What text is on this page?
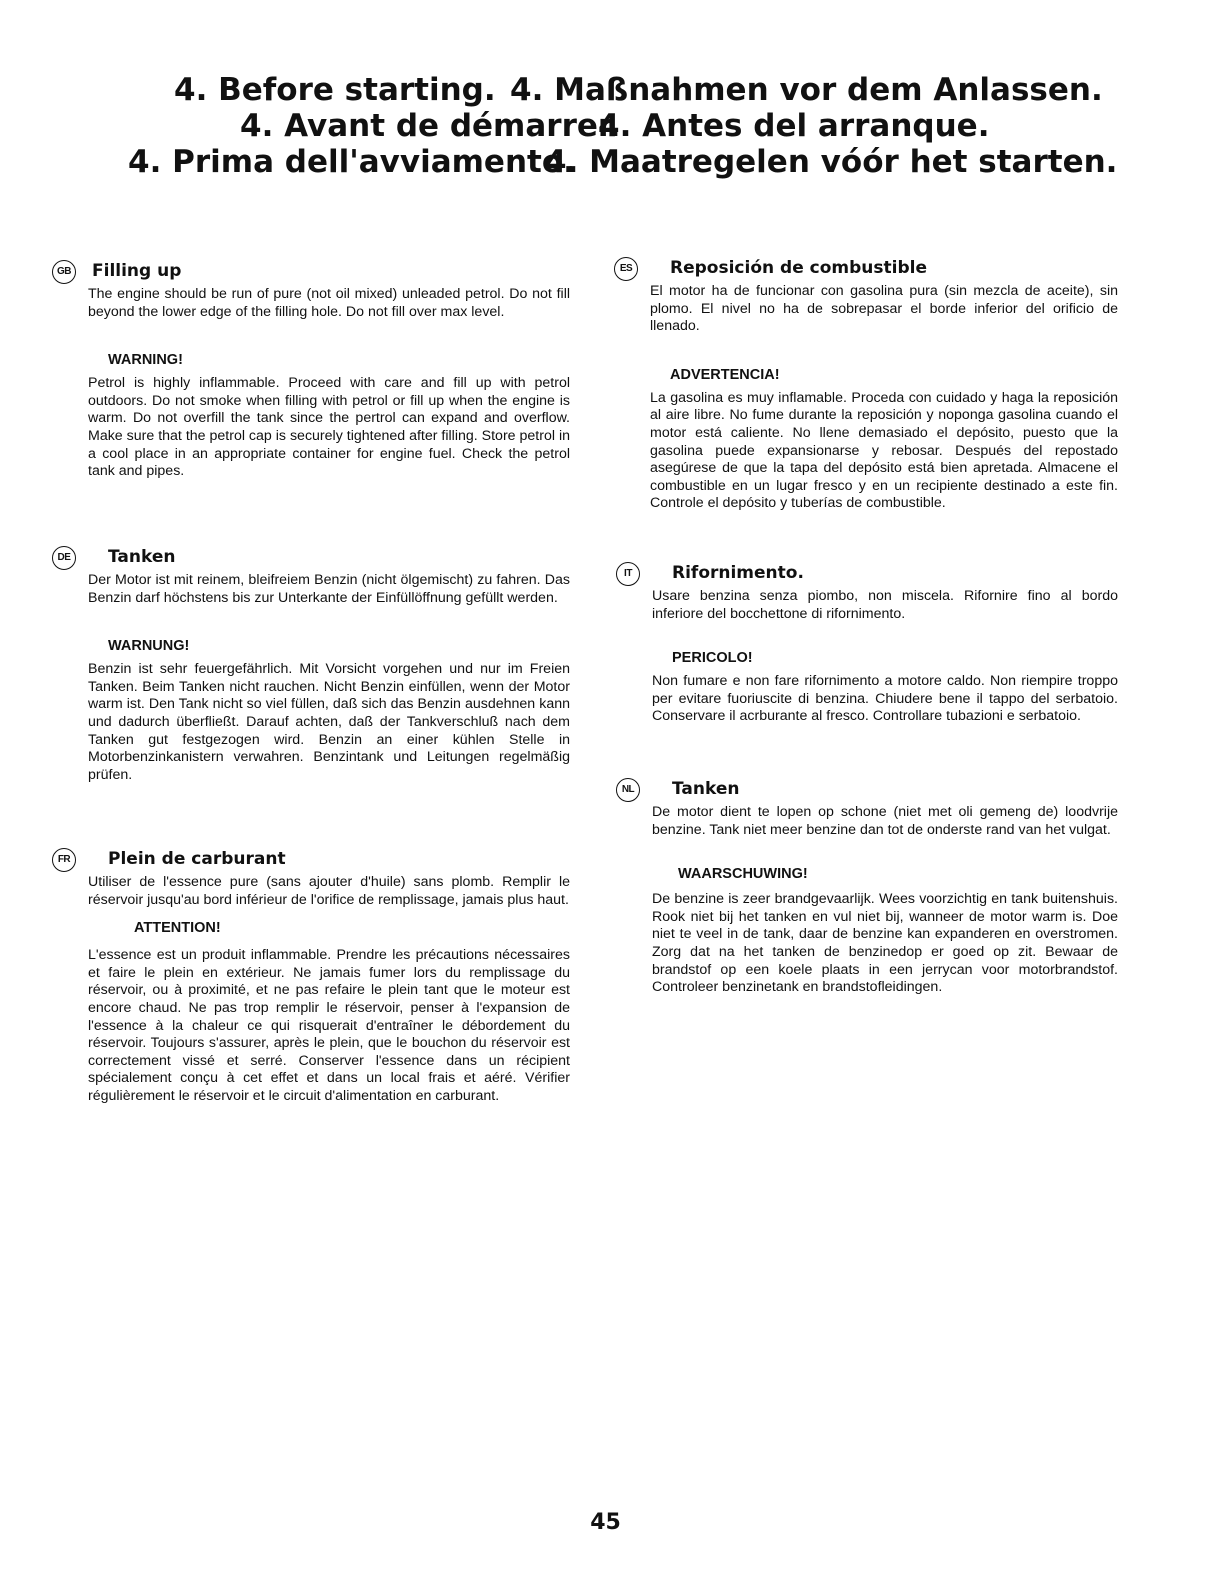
4. Before starting. 4. Maßnahmen vor dem Anlassen.
4. Avant de démarrer.
4. Antes del arranque.
4. Prima dell'avviamento.
4. Maatregelen vóór het starten.
GB Filling up

The engine should be run of pure (not oil mixed) unleaded petrol. Do not fill beyond the lower edge of the filling hole. Do not fill over max level.

WARNING!

Petrol is highly inflammable. Proceed with care and fill up with petrol outdoors. Do not smoke when filling with petrol or fill up when the engine is warm. Do not overfill the tank since the pertrol can expand and overflow. Make sure that the petrol cap is securely tightened after filling. Store petrol in a cool place in an appropriate container for engine fuel. Check the petrol tank and pipes.

DE	Tanken

Der Motor ist mit reinem, bleifreiem Benzin (nicht ölgemischt) zu fahren. Das Benzin darf höchstens bis zur Unterkante der Einfüllöffnung gefüllt werden.

WARNUNG!

Benzin ist sehr feuergefährlich. Mit Vorsicht vorgehen und nur im Freien Tanken. Beim Tanken nicht rauchen. Nicht Benzin einfüllen, wenn der Motor warm ist. Den Tank nicht so viel füllen, daß sich das Benzin ausdehnen kann und dadurch überfließt. Darauf achten, daß der Tankverschluß nach dem Tanken gut festgezogen wird. Benzin an einer kühlen Stelle in Motorbenzinkanistern verwahren. Benzintank und Leitungen regelmäßig prüfen.

FR	Plein de carburant

Utiliser de l'essence pure (sans ajouter d'huile) sans plomb. Remplir le réservoir jusqu'au bord inférieur de l'orifice de remplissage, jamais plus haut.

ATTENTION!

L'essence est un produit inflammable. Prendre les précautions nécessaires et faire le plein en extérieur. Ne jamais fumer lors du remplissage du réservoir, ou à proximité, et ne pas refaire le plein tant que le moteur est encore chaud. Ne pas trop remplir le réservoir, penser à l'expansion de l'essence à la chaleur ce qui risquerait d'entraîner le débordement du réservoir. Toujours s'assurer, après le plein, que le bouchon du réservoir est correctement vissé et serré. Conserver l'essence dans un récipient spécialement conçu à cet effet et dans un local frais et aéré. Vérifier régulièrement le réservoir et le circuit d'alimentation en carburant.

ES	Reposición de combustible

El motor ha de funcionar con gasolina pura (sin mezcla de aceite), sin plomo. El nivel no ha de sobrepasar el borde inferior del orificio de llenado.

ADVERTENCIA!

La gasolina es muy inflamable. Proceda con cuidado y haga la reposición al aire libre. No fume durante la reposición y noponga gasolina cuando el motor está caliente. No llene demasiado el depósito, puesto que la gasolina puede expansionarse y rebosar. Después del repostado asegúrese de que la tapa del depósito está bien apretada. Almacene el combustible en un lugar fresco y en un recipiente destinado a este fin. Controle el depósito y tuberías de combustible.

IT	Rifornimento.

Usare benzina senza piombo, non miscela. Rifornire fino al bordo inferiore del bocchettone di rifornimento.

PERICOLO!

Non fumare e non fare rifornimento a motore caldo. Non riempire troppo per evitare fuoriuscite di benzina. Chiudere bene il tappo del serbatoio. Conservare il acrburante al fresco. Controllare tubazioni e serbatoio.

NL	Tanken

De motor dient te lopen op schone (niet met oli gemeng de) loodvrije benzine. Tank niet meer benzine dan tot de onderste rand van het vulgat.

WAARSCHUWING!

De benzine is zeer brandgevaarlijk. Wees voorzichtig en tank buitenshuis. Rook niet bij het tanken en vul niet bij, wanneer de motor warm is. Doe niet te veel in de tank, daar de benzine kan expanderen en overstromen. Zorg dat na het tanken de benzinedop er goed op zit. Bewaar de brandstof op een koele plaats in een jerrycan voor motorbrandstof. Controleer benzinetank en brandstofleidingen.

45
